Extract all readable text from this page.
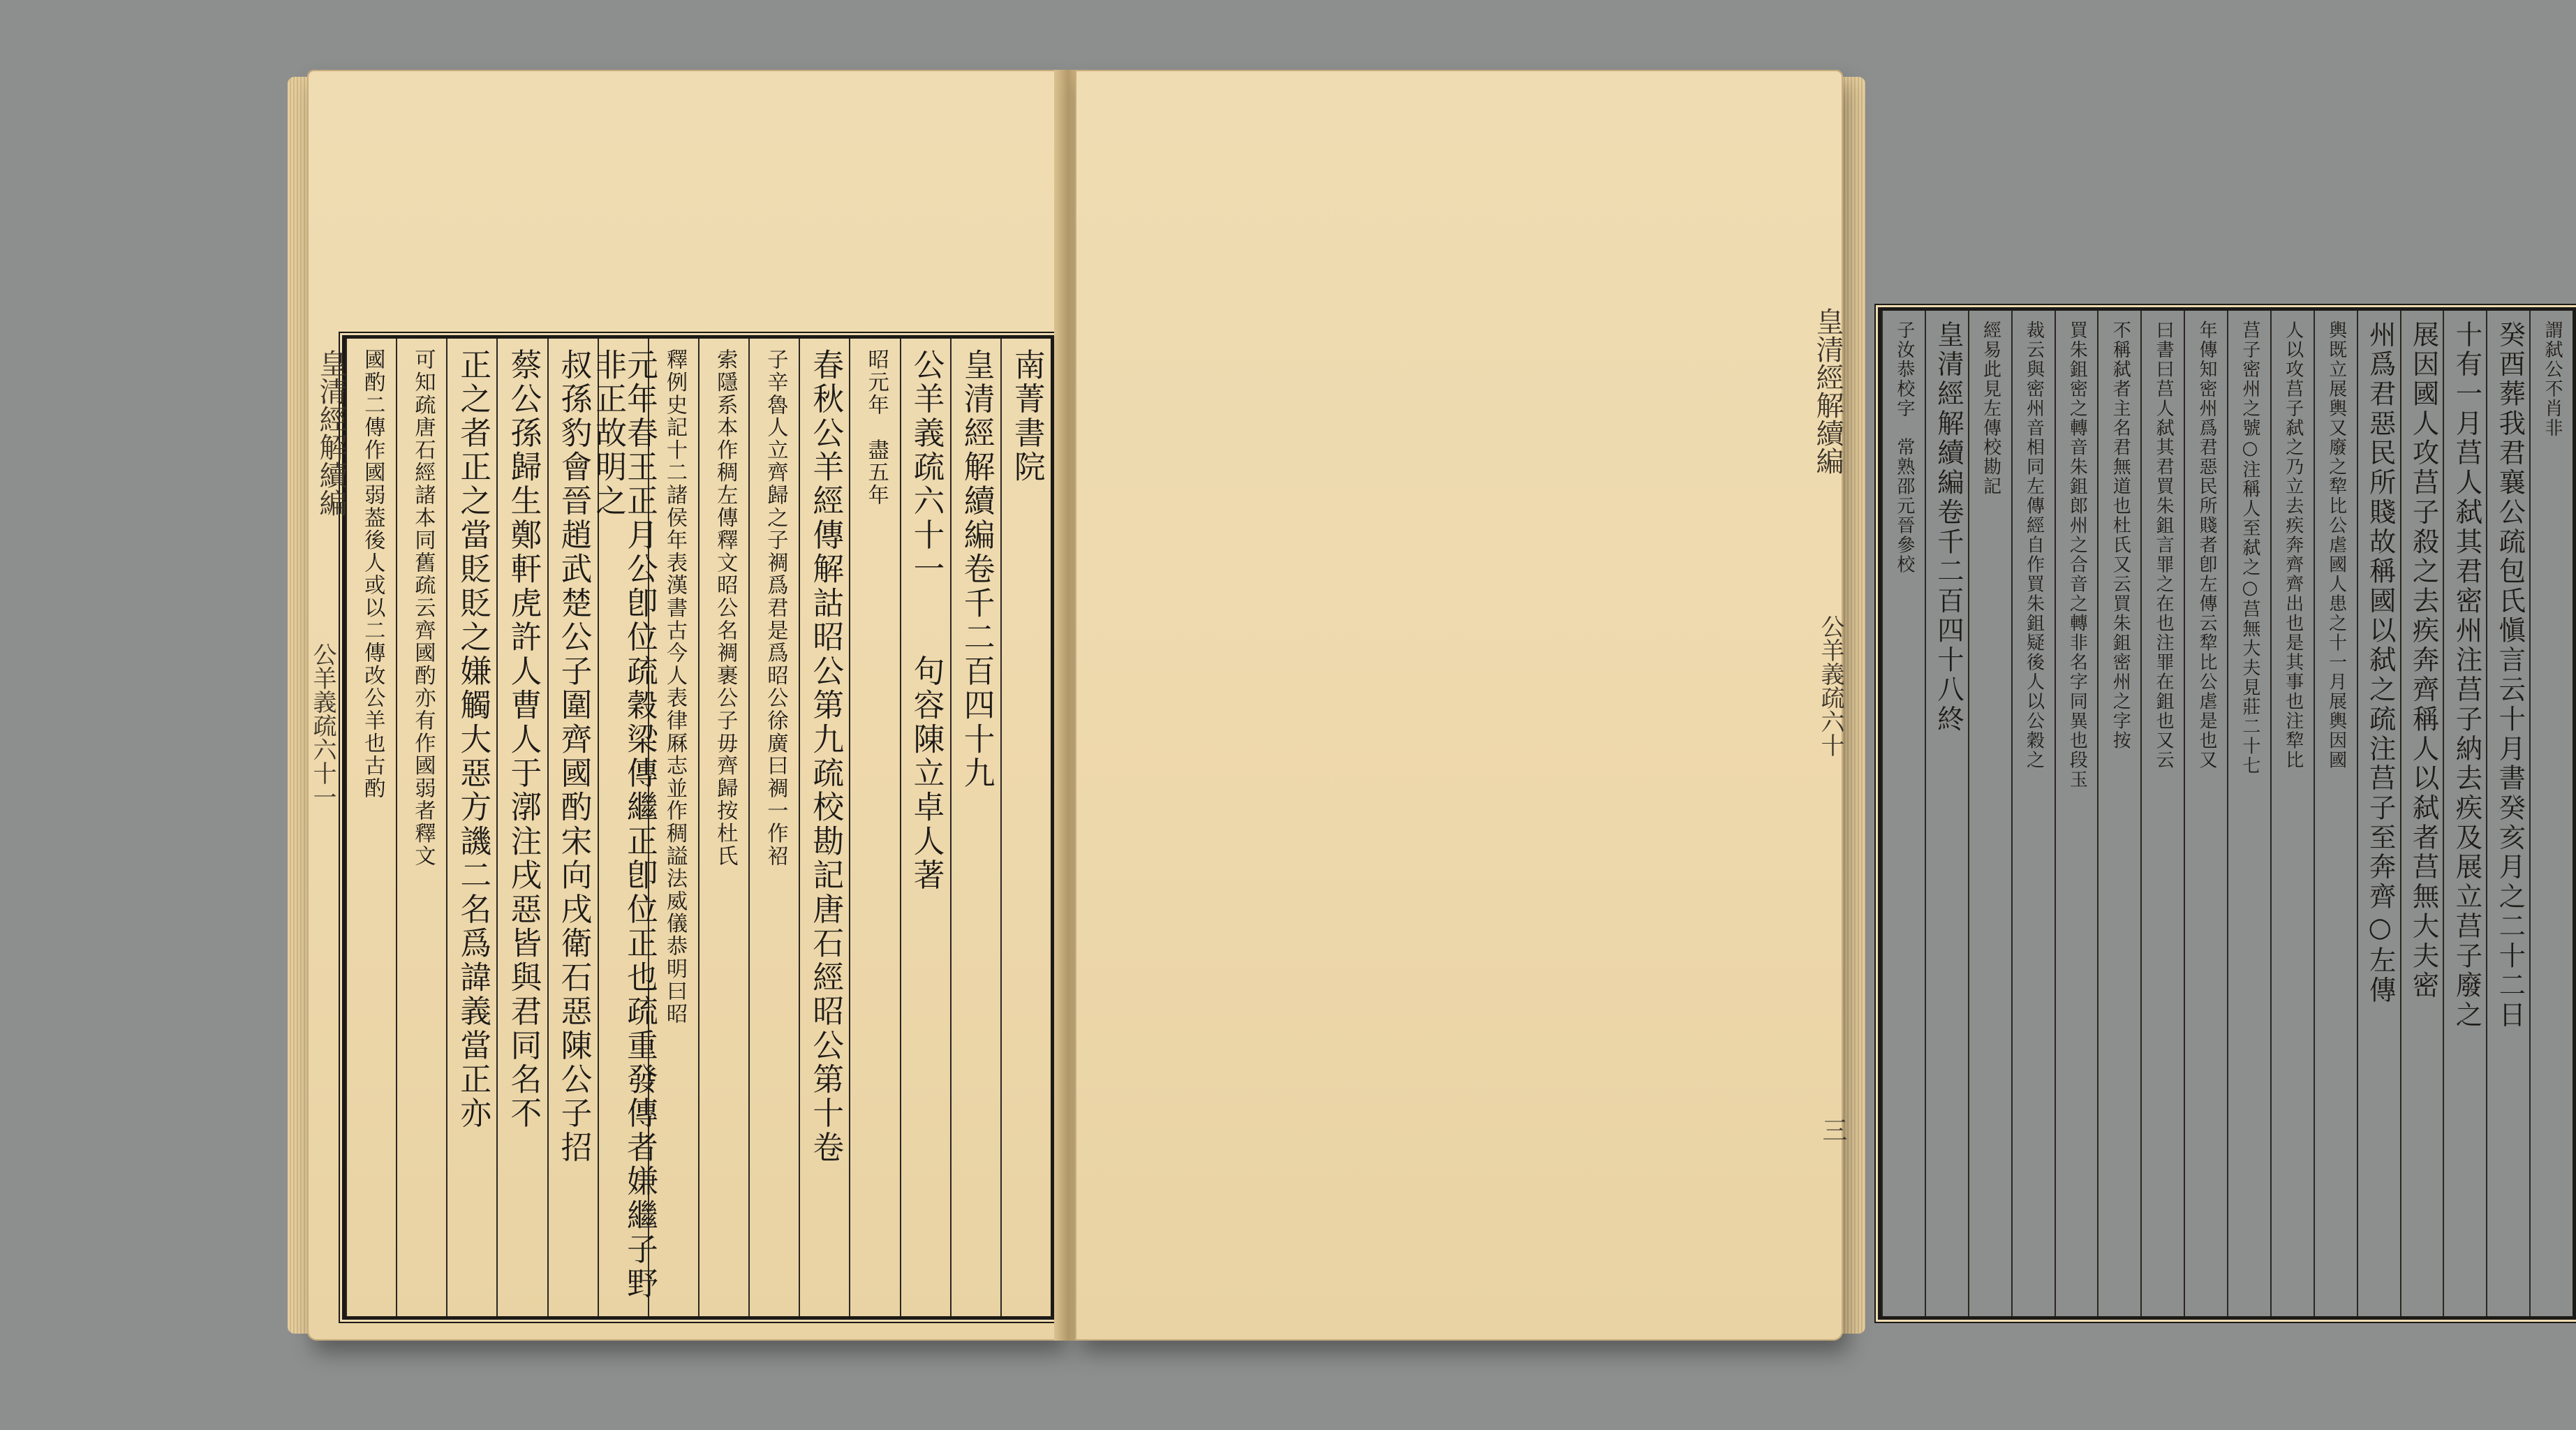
南菁書院
皇清經解續編卷千二百四十九
公羊義疏六十一　　句容陳立卓人著
昭元年　盡五年
春秋公羊經傳解詁昭公第九疏校勘記唐石經昭公第十卷
子辛魯人立齊歸之子裯爲君是爲昭公徐廣曰裯一作袑
索隱系本作稠左傳釋文昭公名裯裹公子毋齊歸按杜氏
釋例史記十二諸侯年表漢書古今人表律厤志並作稠謚法威儀恭明曰昭
元年春王正月公卽位疏穀梁傳繼正卽位正也疏重發傳者嫌繼子野非正故明之
叔孫豹會晉趙武楚公子圍齊國酌宋向戌衛石惡陳公子招
蔡公孫歸生鄭軒虎許人曹人于漷注戌惡皆與君同名不
正之者正之當貶貶之嫌觸大惡方譏二名爲諱義當正亦
可知疏唐石經諸本同舊疏云齊國酌亦有作國弱者釋文
國酌二傳作國弱葢後人或以二傳改公羊也古酌
皇清經解續編
公羊義疏六十一
謂弑公不肖非
癸酉葬我君襄公疏包氏愼言云十月書癸亥月之二十二日
十有一月莒人弑其君密州注莒子納去疾及展立莒子廢之
展因國人攻莒子殺之去疾奔齊稱人以弑者莒無大夫密
州爲君惡民所賤故稱國以弑之疏注莒子至奔齊○左傳
輿既立展輿又廢之犂比公虐國人患之十一月展輿因國
人以攻莒子弑之乃立去疾奔齊齊出也是其事也注犂比
莒子密州之號○注稱人至弑之○莒無大夫見莊二十七
年傳知密州爲君惡民所賤者卽左傳云犂比公虐是也又
曰書曰莒人弑其君買朱鉏言罪之在也注罪在鉏也又云
不稱弑者主名君無道也杜氏又云買朱鉏密州之字按
買朱鉏密之轉音朱鉏郎州之合音之轉非名字同異也段玉
裁云與密州音相同左傳經自作買朱鉏疑後人以公穀之
經易此見左傳校勘記
皇清經解續編卷千二百四十八終
子汝恭校字　常熟邵元晉參校
皇清經解續編
公羊義疏六十
三
